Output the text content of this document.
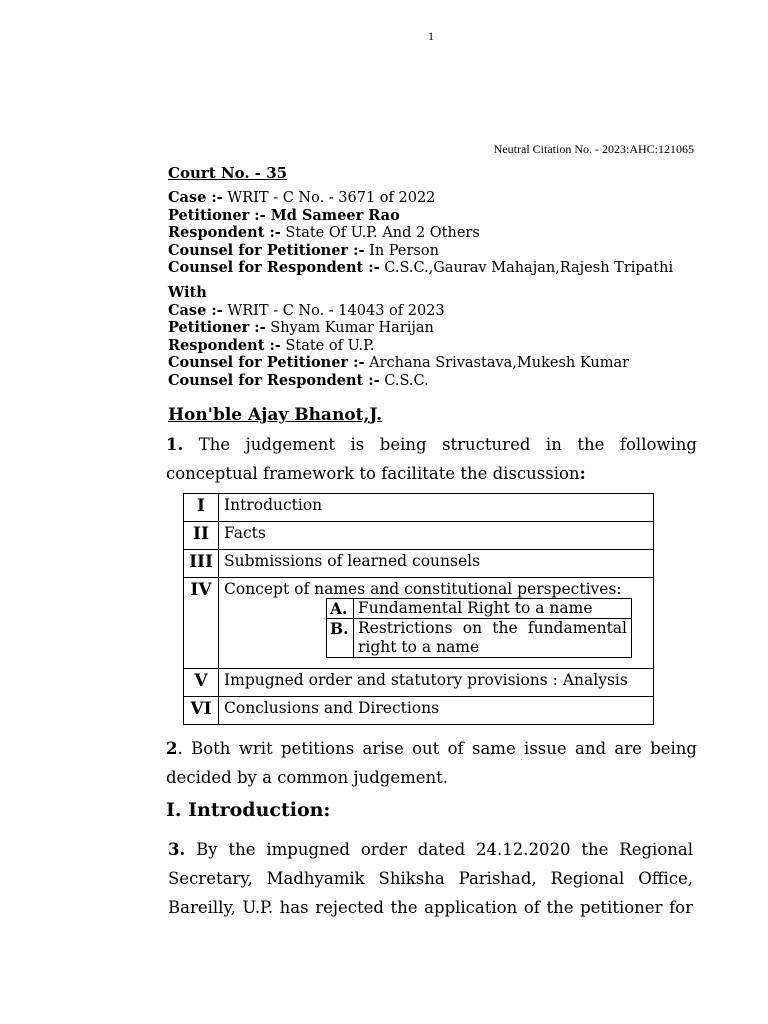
1
Neutral Citation No. - 2023:AHC:121065
Court No. - 35
Case :- WRIT - C No. - 3671 of 2022
Petitioner :- Md Sameer Rao
Respondent :- State Of U.P. And 2 Others
Counsel for Petitioner :- In Person
Counsel for Respondent :- C.S.C.,Gaurav Mahajan,Rajesh Tripathi
With
Case :- WRIT - C No. - 14043 of 2023
Petitioner :- Shyam Kumar Harijan
Respondent :- State of U.P.
Counsel for Petitioner :- Archana Srivastava,Mukesh Kumar
Counsel for Respondent :- C.S.C.
Hon'ble Ajay Bhanot,J.
1. The judgement is being structured in the following
conceptual framework to facilitate the discussion:
I	Introduction
II	Facts
III	Submissions of learned counsels
IV	Concept of names and constitutional perspectives:
V	Impugned order and statutory provisions : Analysis
VI	Conclusions and Directions
A.	Fundamental Right to a name
B.	Restrictions on the fundamental
right to a name
2. Both writ petitions arise out of same issue and are being
decided by a common judgement.
I. Introduction:
3. By the impugned order dated 24.12.2020 the Regional
Secretary, Madhyamik Shiksha Parishad, Regional Office,
Bareilly, U.P. has rejected the application of the petitioner for
